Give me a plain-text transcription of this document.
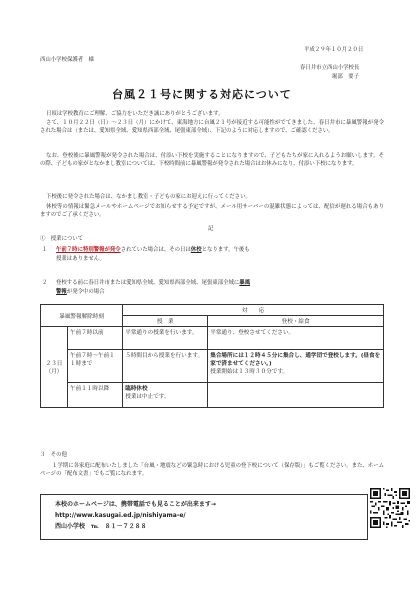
平成２９年１０月２０日
西山小学校保護者　様
春日井市立西山小学校長
堀部　要子
台風２１号に関する対応について
日頃は学校教育にご理解、ご協力をいただき誠にありがとうございます。
さて、１０月２２日（日）～２３日（月）にかけて、東海地方に台風２１号が接近する可能性がでてきました。春日井市に暴風警報が発令された場合は（または、愛知県全域、愛知県西部全域、尾張東部全域）、下記のように対応しますので、ご確認ください。
なお、登校後に暴風警報が発令された場合は、付添い下校を実施することになりますので、子どもたちが家に入れるようお願いします。その際、子どもの家がとなかまし教室については、下校時間前に暴風警報が発令された場合はお休みになり、付添い下校になります。
下校後に発令された場合は、なかまし教室・子どもの家にお迎えに行ってください。
休校等の情報は緊急メールやホームページでお知らせする予定ですが、メール用サーバーの混雑状態によっては、配信が遅れる場合もありますのでご了承ください。
記
①　授業について
１ 午前７時に特別警報が発令されていた場合は、その日は休校となります。午後も
授業はありません。
２ 登校する前に春日井市または愛知県全域、愛知県西部全域、尾張東部全域に暴風
警報が発令中の場合
暴風警報解除時刻		対　　応	
		授　業	登校・給食

２３日
（月）	午前７時以前	平常通りの授業を行います。	平常通り、登校させてください。
	午前７時～午前１１時まで	５時間目から授業を行います。	集合場所には１２時４５分に集合し、通学団で登校します。(昼食を家で済ませてください。)
授業開始は１３時３０分です。

	午前１１時以降	臨時休校
授業は中止です。	

３　その他
１学期に各家庭に配布いたしました「台風・地震などの緊急時における児童の登下校について（保存版）」もご覧ください。また、ホームページの「配布文書」でもご覧になれます。
本校のホームページは、携帯電話でも見ることが出来ます→
http://www.kasugai.ed.jp/nishiyama-e/
西山小学校　℡　８１－７２８８
